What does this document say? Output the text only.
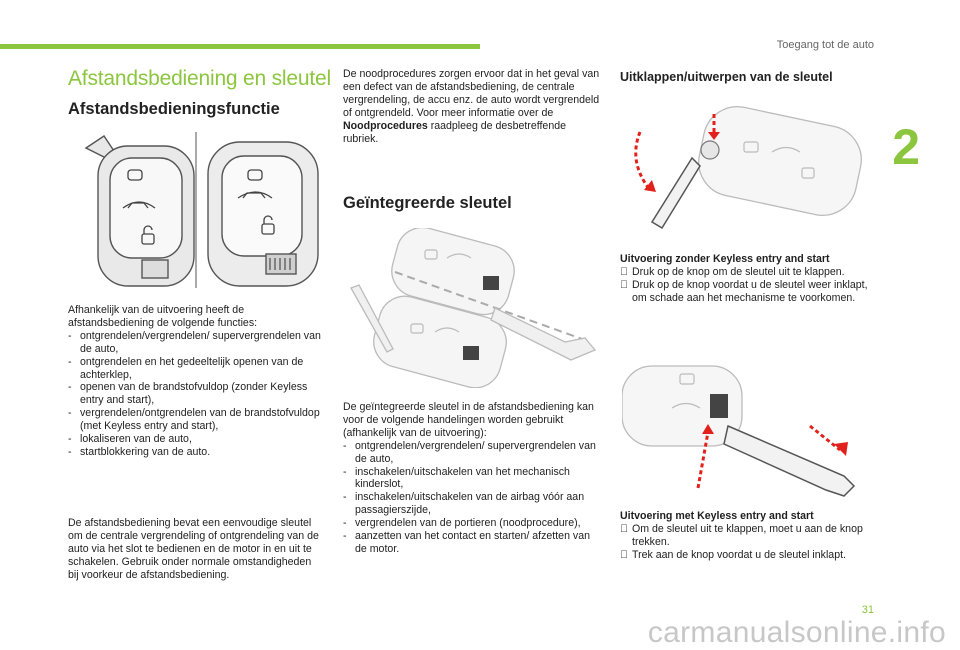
Toegang tot de auto
2
Afstandsbediening en sleutel
Afstandsbedieningsfunctie

Afhankelijk van de uitvoering heeft de afstandsbediening de volgende functies:

- ontgrendelen/vergrendelen/ supervergrendelen van de auto,
- ontgrendelen en het gedeeltelijk openen van de achterklep,
- openen van de brandstofvuldop (zonder Keyless entry and start),
- vergrendelen/ontgrendelen van de brandstofvuldop (met Keyless entry and start),
- lokaliseren van de auto,
- startblokkering van de auto.
De afstandsbediening bevat een eenvoudige sleutel om de centrale vergrendeling of ontgrendeling van de auto via het slot te bedienen en de motor in en uit te schakelen. Gebruik onder normale omstandigheden bij voorkeur de afstandsbediening.
De noodprocedures zorgen ervoor dat in het geval van een defect van de afstandsbediening, de centrale vergrendeling, de accu enz. de auto wordt vergrendeld of ontgrendeld. Voor meer informatie over de Noodprocedures raadpleeg de desbetreffende rubriek.
Geïntegreerde sleutel

De geïntegreerde sleutel in de afstandsbediening kan voor de volgende handelingen worden gebruikt (afhankelijk van de uitvoering):

- ontgrendelen/vergrendelen/ supervergrendelen van de auto,
- inschakelen/uitschakelen van het mechanisch kinderslot,
- inschakelen/uitschakelen van de airbag vóór aan passagierszijde,
- vergrendelen van de portieren (noodprocedure),
- aanzetten van het contact en starten/ afzetten van de motor.
Uitklappen/uitwerpen van de sleutel

Uitvoering zonder Keyless entry and start

Druk op de knop om de sleutel uit te klappen.
Druk op de knop voordat u de sleutel weer inklapt, om schade aan het mechanisme te voorkomen.

Uitvoering met Keyless entry and start

Om de sleutel uit te klappen, moet u aan de knop trekken.
Trek aan de knop voordat u de sleutel inklapt.
31
carmanualsonline.info
